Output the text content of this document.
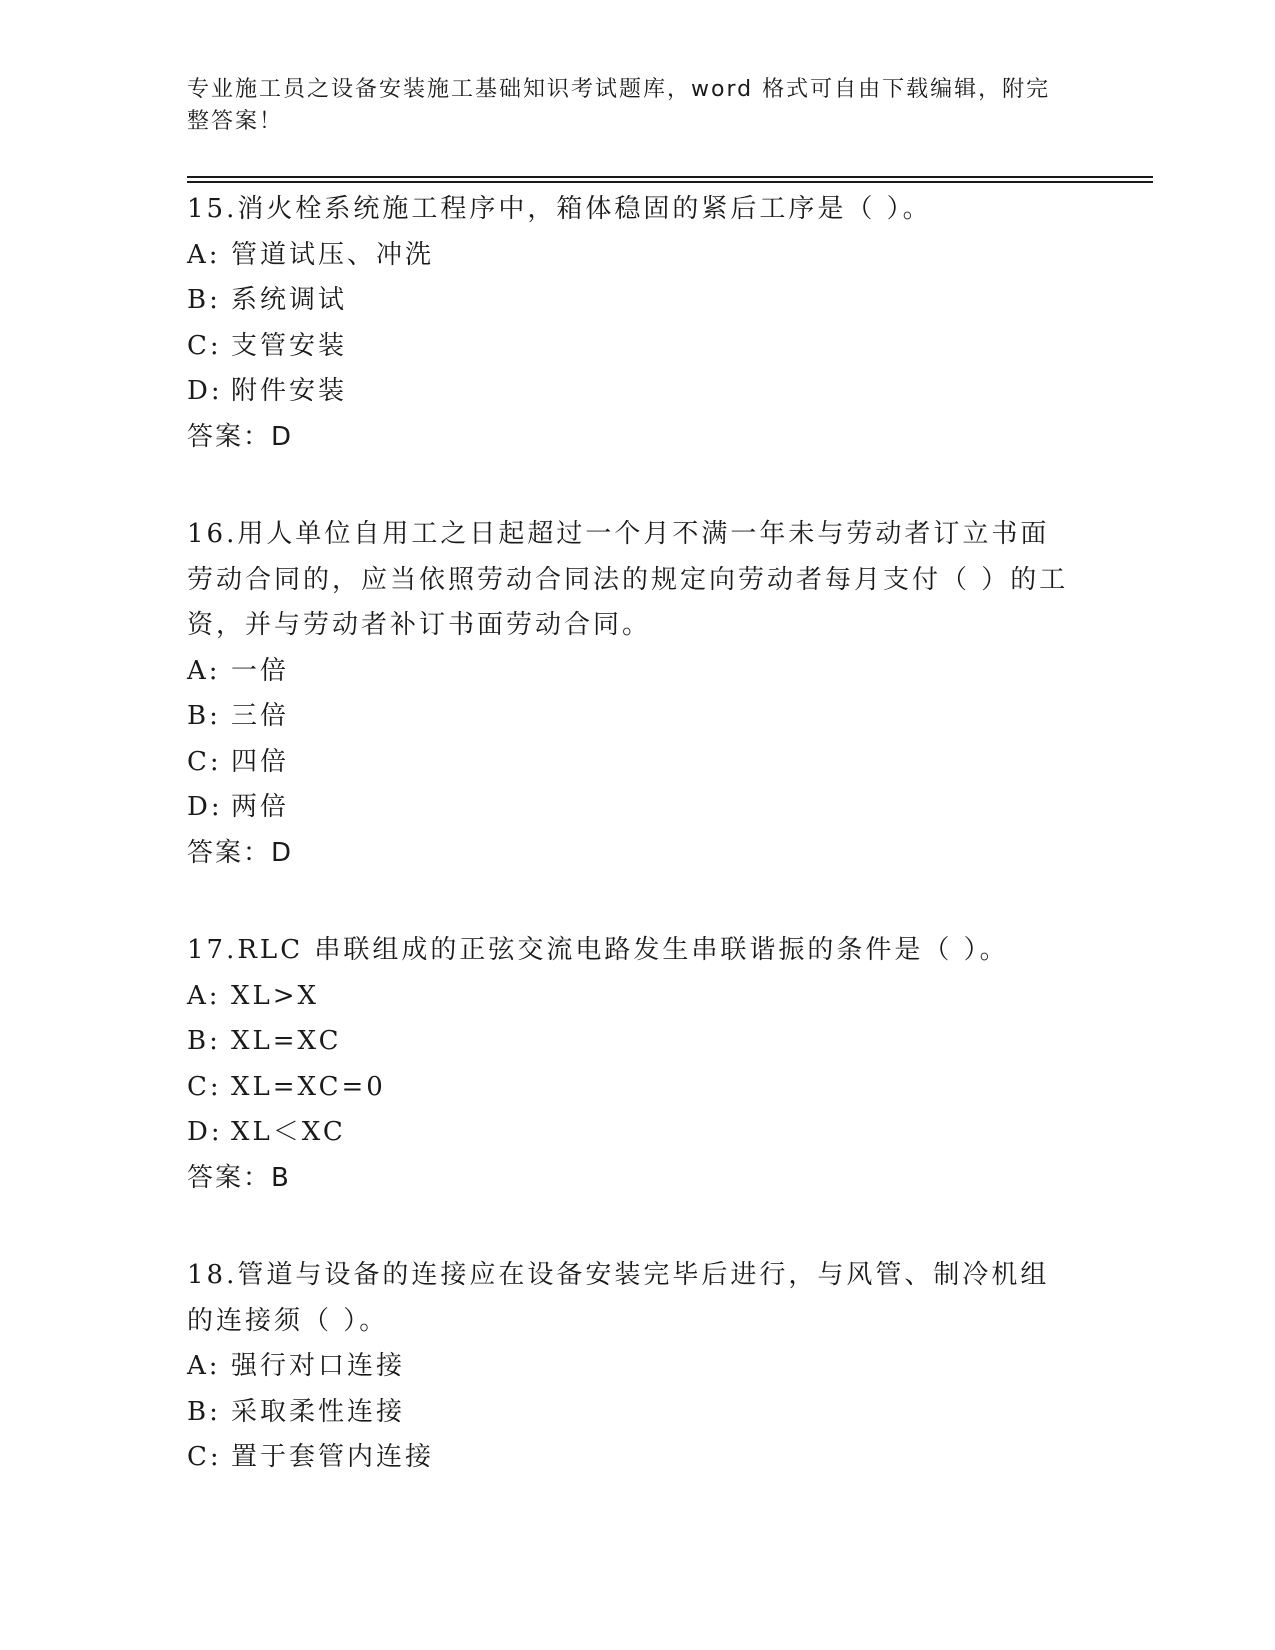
专业施工员之设备安装施工基础知识考试题库，word 格式可自由下载编辑，附完整答案！
15.消火栓系统施工程序中，箱体稳固的紧后工序是（ ）。
A: 管道试压、冲洗
B: 系统调试
C: 支管安装
D: 附件安装
答案：D
16.用人单位自用工之日起超过一个月不满一年未与劳动者订立书面劳动合同的，应当依照劳动合同法的规定向劳动者每月支付（ ）的工资，并与劳动者补订书面劳动合同。
A: 一倍
B: 三倍
C: 四倍
D: 两倍
答案：D
17.RLC 串联组成的正弦交流电路发生串联谐振的条件是（ ）。
A: XL>X
B: XL=XC
C: XL=XC=0
D: XL＜XC
答案：B
18.管道与设备的连接应在设备安装完毕后进行，与风管、制冷机组的连接须（ ）。
A: 强行对口连接
B: 采取柔性连接
C: 置于套管内连接
